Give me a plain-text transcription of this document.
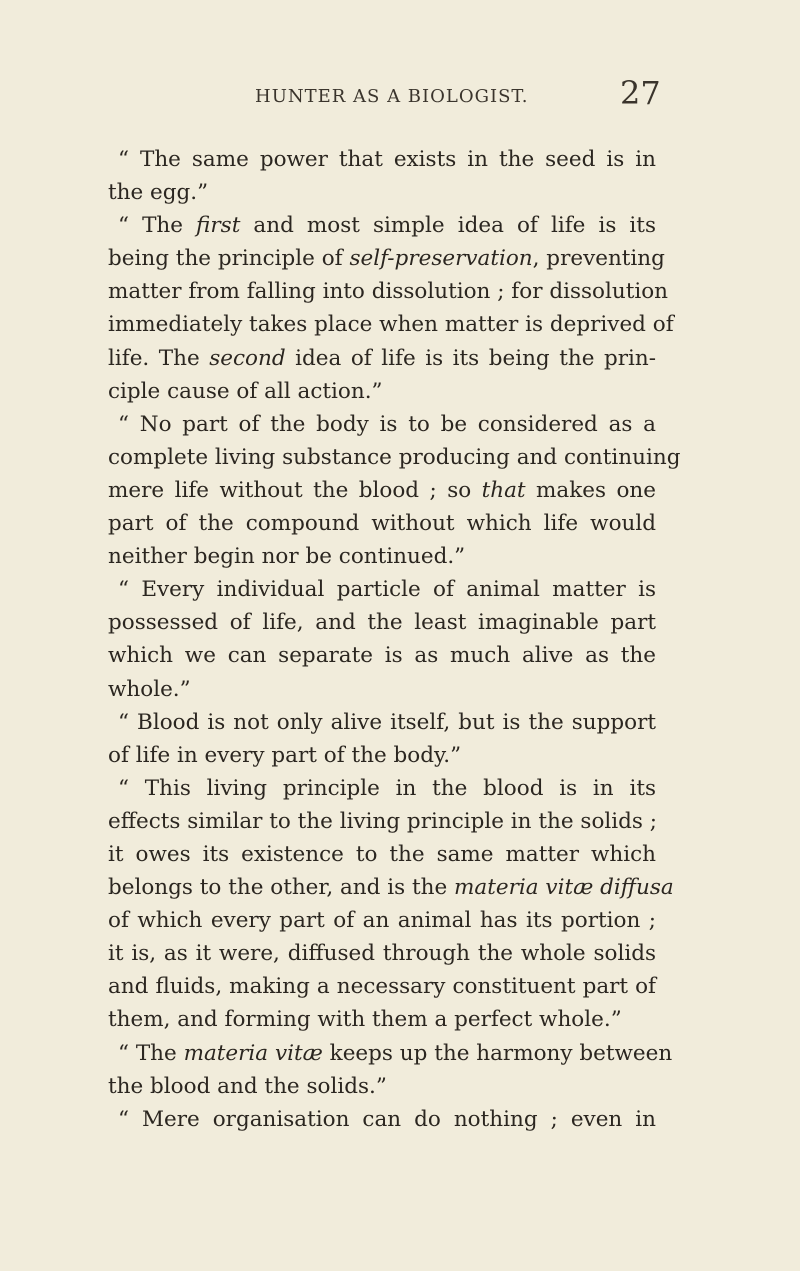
HUNTER AS A BIOLOGIST.	27
“ The same power that exists in the seed is in
the egg.”
“ The first and most simple idea of life is its
being the principle of self-preservation, preventing
matter from falling into dissolution ; for dissolution
immediately takes place when matter is deprived of
life. The second idea of life is its being the prin-
ciple cause of all action.”
“ No part of the body is to be considered as a
complete living substance producing and continuing
mere life without the blood ; so that makes one
part of the compound without which life would
neither begin nor be continued.”
“ Every individual particle of animal matter is
possessed of life, and the least imaginable part
which we can separate is as much alive as the
whole.”
“ Blood is not only alive itself, but is the support
of life in every part of the body.”
“ This living principle in the blood is in its
effects similar to the living principle in the solids ;
it owes its existence to the same matter which
belongs to the other, and is the materia vitæ diffusa
of which every part of an animal has its portion ;
it is, as it were, diffused through the whole solids
and fluids, making a necessary constituent part of
them, and forming with them a perfect whole.”
“ The materia vitæ keeps up the harmony between
the blood and the solids.”
“ Mere organisation can do nothing ; even in
